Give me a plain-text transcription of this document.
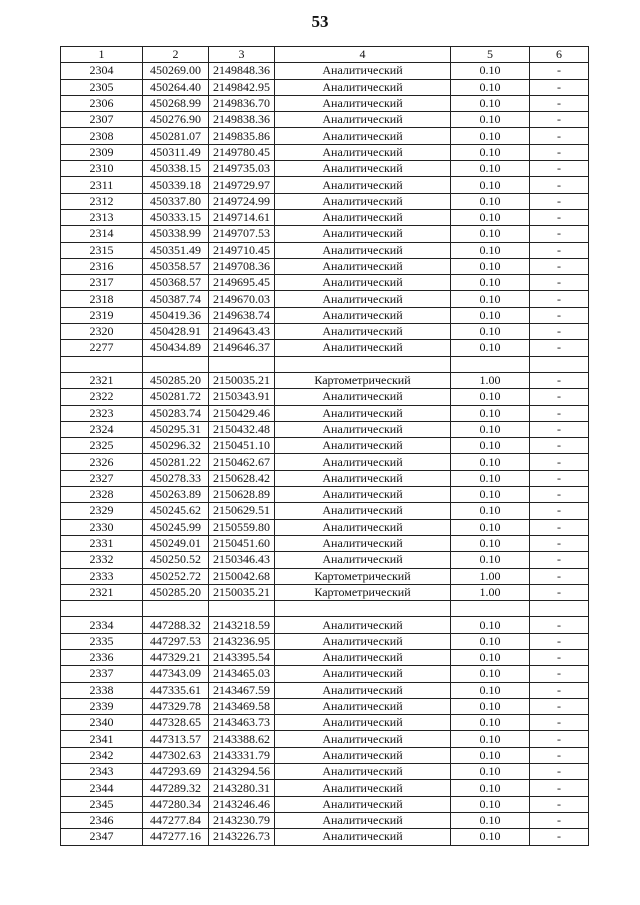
53
1	2	3	4	5	6
2304	450269.00	2149848.36	Аналитический	0.10	-
2305	450264.40	2149842.95	Аналитический	0.10	-
2306	450268.99	2149836.70	Аналитический	0.10	-
2307	450276.90	2149838.36	Аналитический	0.10	-
2308	450281.07	2149835.86	Аналитический	0.10	-
2309	450311.49	2149780.45	Аналитический	0.10	-
2310	450338.15	2149735.03	Аналитический	0.10	-
2311	450339.18	2149729.97	Аналитический	0.10	-
2312	450337.80	2149724.99	Аналитический	0.10	-
2313	450333.15	2149714.61	Аналитический	0.10	-
2314	450338.99	2149707.53	Аналитический	0.10	-
2315	450351.49	2149710.45	Аналитический	0.10	-
2316	450358.57	2149708.36	Аналитический	0.10	-
2317	450368.57	2149695.45	Аналитический	0.10	-
2318	450387.74	2149670.03	Аналитический	0.10	-
2319	450419.36	2149638.74	Аналитический	0.10	-
2320	450428.91	2149643.43	Аналитический	0.10	-
2277	450434.89	2149646.37	Аналитический	0.10	-

2321	450285.20	2150035.21	Картометрический	1.00	-
2322	450281.72	2150343.91	Аналитический	0.10	-
2323	450283.74	2150429.46	Аналитический	0.10	-
2324	450295.31	2150432.48	Аналитический	0.10	-
2325	450296.32	2150451.10	Аналитический	0.10	-
2326	450281.22	2150462.67	Аналитический	0.10	-
2327	450278.33	2150628.42	Аналитический	0.10	-
2328	450263.89	2150628.89	Аналитический	0.10	-
2329	450245.62	2150629.51	Аналитический	0.10	-
2330	450245.99	2150559.80	Аналитический	0.10	-
2331	450249.01	2150451.60	Аналитический	0.10	-
2332	450250.52	2150346.43	Аналитический	0.10	-
2333	450252.72	2150042.68	Картометрический	1.00	-
2321	450285.20	2150035.21	Картометрический	1.00	-

2334	447288.32	2143218.59	Аналитический	0.10	-
2335	447297.53	2143236.95	Аналитический	0.10	-
2336	447329.21	2143395.54	Аналитический	0.10	-
2337	447343.09	2143465.03	Аналитический	0.10	-
2338	447335.61	2143467.59	Аналитический	0.10	-
2339	447329.78	2143469.58	Аналитический	0.10	-
2340	447328.65	2143463.73	Аналитический	0.10	-
2341	447313.57	2143388.62	Аналитический	0.10	-
2342	447302.63	2143331.79	Аналитический	0.10	-
2343	447293.69	2143294.56	Аналитический	0.10	-
2344	447289.32	2143280.31	Аналитический	0.10	-
2345	447280.34	2143246.46	Аналитический	0.10	-
2346	447277.84	2143230.79	Аналитический	0.10	-
2347	447277.16	2143226.73	Аналитический	0.10	-
